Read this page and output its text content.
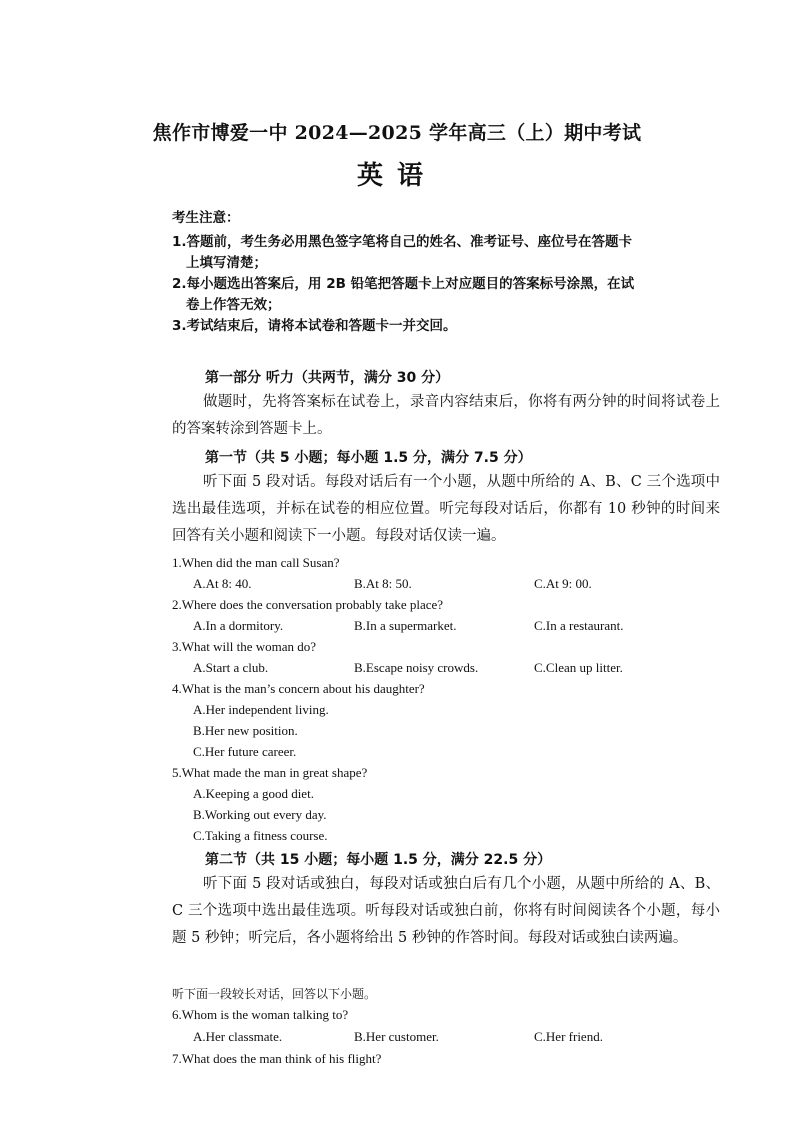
焦作市博爱一中 2024—2025 学年高三（上）期中考试
英语
考生注意：
1.答题前，考生务必用黑色签字笔将自己的姓名、准考证号、座位号在答题卡
上填写清楚；
2.每小题选出答案后，用 2B 铅笔把答题卡上对应题目的答案标号涂黑，在试
卷上作答无效；
3.考试结束后，请将本试卷和答题卡一并交回。
第一部分 听力（共两节，满分 30 分）
做题时，先将答案标在试卷上，录音内容结束后，你将有两分钟的时间将试卷上的答案转涂到答题卡上。
第一节（共 5 小题；每小题 1.5 分，满分 7.5 分）
听下面 5 段对话。每段对话后有一个小题，从题中所给的 A、B、C 三个选项中选出最佳选项，并标在试卷的相应位置。听完每段对话后，你都有 10 秒钟的时间来回答有关小题和阅读下一小题。每段对话仅读一遍。
1.When did the man call Susan?
A.At 8: 40.	B.At 8: 50.	C.At 9: 00.
2.Where does the conversation probably take place?
A.In a dormitory.	B.In a supermarket.	C.In a restaurant.
3.What will the woman do?
A.Start a club.	B.Escape noisy crowds.	C.Clean up litter.
4.What is the man’s concern about his daughter?
A.Her independent living.
B.Her new position.
C.Her future career.
5.What made the man in great shape?
A.Keeping a good diet.
B.Working out every day.
C.Taking a fitness course.
第二节（共 15 小题；每小题 1.5 分，满分 22.5 分）
听下面 5 段对话或独白，每段对话或独白后有几个小题，从题中所给的 A、B、C 三个选项中选出最佳选项。听每段对话或独白前，你将有时间阅读各个小题，每小题 5 秒钟；听完后，各小题将给出 5 秒钟的作答时间。每段对话或独白读两遍。
听下面一段较长对话，回答以下小题。
6.Whom is the woman talking to?
A.Her classmate.	B.Her customer.	C.Her friend.
7.What does the man think of his flight?
